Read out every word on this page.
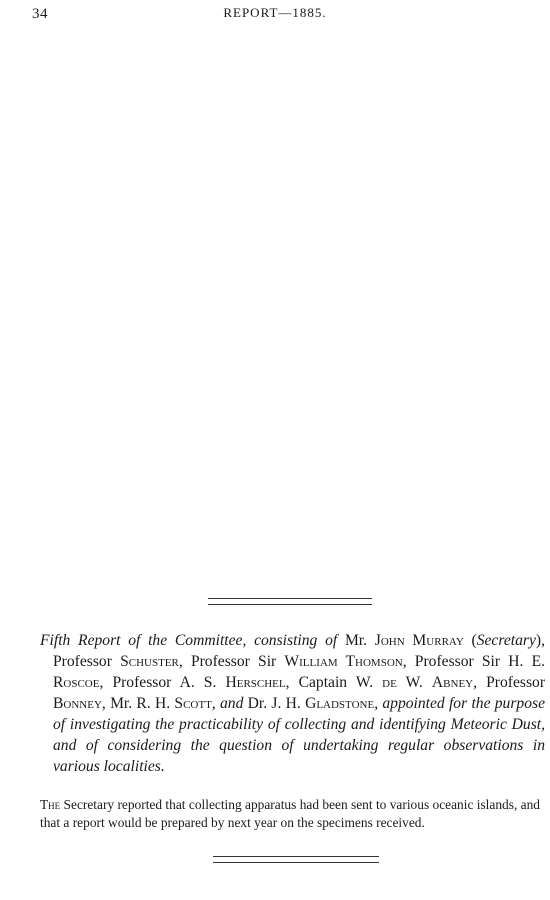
34	REPORT—1885.

Fifth Report of the Committee, consisting of Mr. John Murray (Secretary), Professor Schuster, Professor Sir William Thomson, Professor Sir H. E. Roscoe, Professor A. S. Herschel, Captain W. de W. Abney, Professor Bonney, Mr. R. H. Scott, and Dr. J. H. Gladstone, appointed for the purpose of investigating the practicability of collecting and identifying Meteoric Dust, and of considering the question of undertaking regular observations in various localities.

The Secretary reported that collecting apparatus had been sent to various oceanic islands, and that a report would be prepared by next year on the specimens received.
